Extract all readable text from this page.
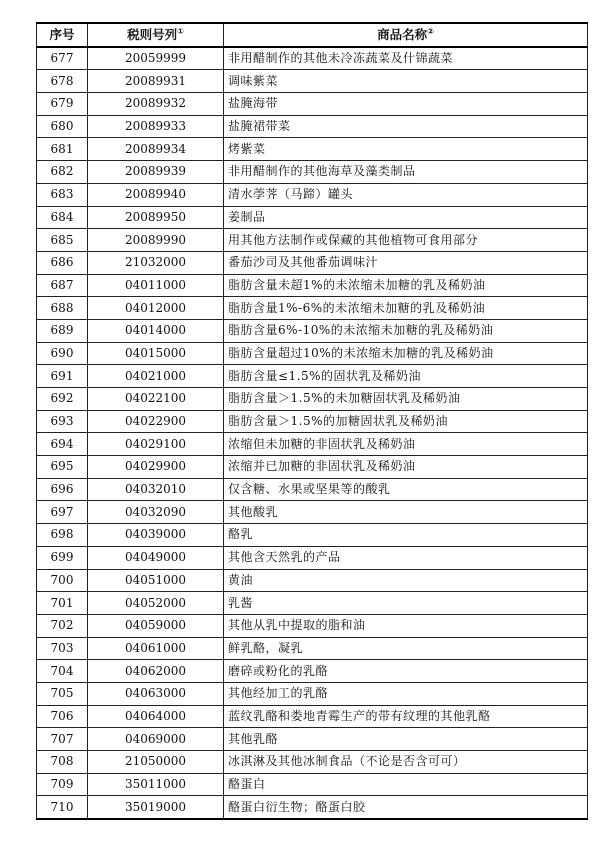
序号	税则号列①	商品名称②
677	20059999	非用醋制作的其他未冷冻蔬菜及什锦蔬菜
678	20089931	调味紫菜
679	20089932	盐腌海带
680	20089933	盐腌裙带菜
681	20089934	烤紫菜
682	20089939	非用醋制作的其他海草及藻类制品
683	20089940	清水荸荠（马蹄）罐头
684	20089950	姜制品
685	20089990	用其他方法制作或保藏的其他植物可食用部分
686	21032000	番茄沙司及其他番茄调味汁
687	04011000	脂肪含量未超1%的未浓缩未加糖的乳及稀奶油
688	04012000	脂肪含量1%-6%的未浓缩未加糖的乳及稀奶油
689	04014000	脂肪含量6%-10%的未浓缩未加糖的乳及稀奶油
690	04015000	脂肪含量超过10%的未浓缩未加糖的乳及稀奶油
691	04021000	脂肪含量≤1.5%的固状乳及稀奶油
692	04022100	脂肪含量＞1.5%的未加糖固状乳及稀奶油
693	04022900	脂肪含量＞1.5%的加糖固状乳及稀奶油
694	04029100	浓缩但未加糖的非固状乳及稀奶油
695	04029900	浓缩并已加糖的非固状乳及稀奶油
696	04032010	仅含糖、水果或坚果等的酸乳
697	04032090	其他酸乳
698	04039000	酪乳
699	04049000	其他含天然乳的产品
700	04051000	黄油
701	04052000	乳酱
702	04059000	其他从乳中提取的脂和油
703	04061000	鲜乳酪，凝乳
704	04062000	磨碎或粉化的乳酪
705	04063000	其他经加工的乳酪
706	04064000	蓝纹乳酪和娄地青霉生产的带有纹理的其他乳酪
707	04069000	其他乳酪
708	21050000	冰淇淋及其他冰制食品（不论是否含可可）
709	35011000	酪蛋白
710	35019000	酪蛋白衍生物；酪蛋白胶
